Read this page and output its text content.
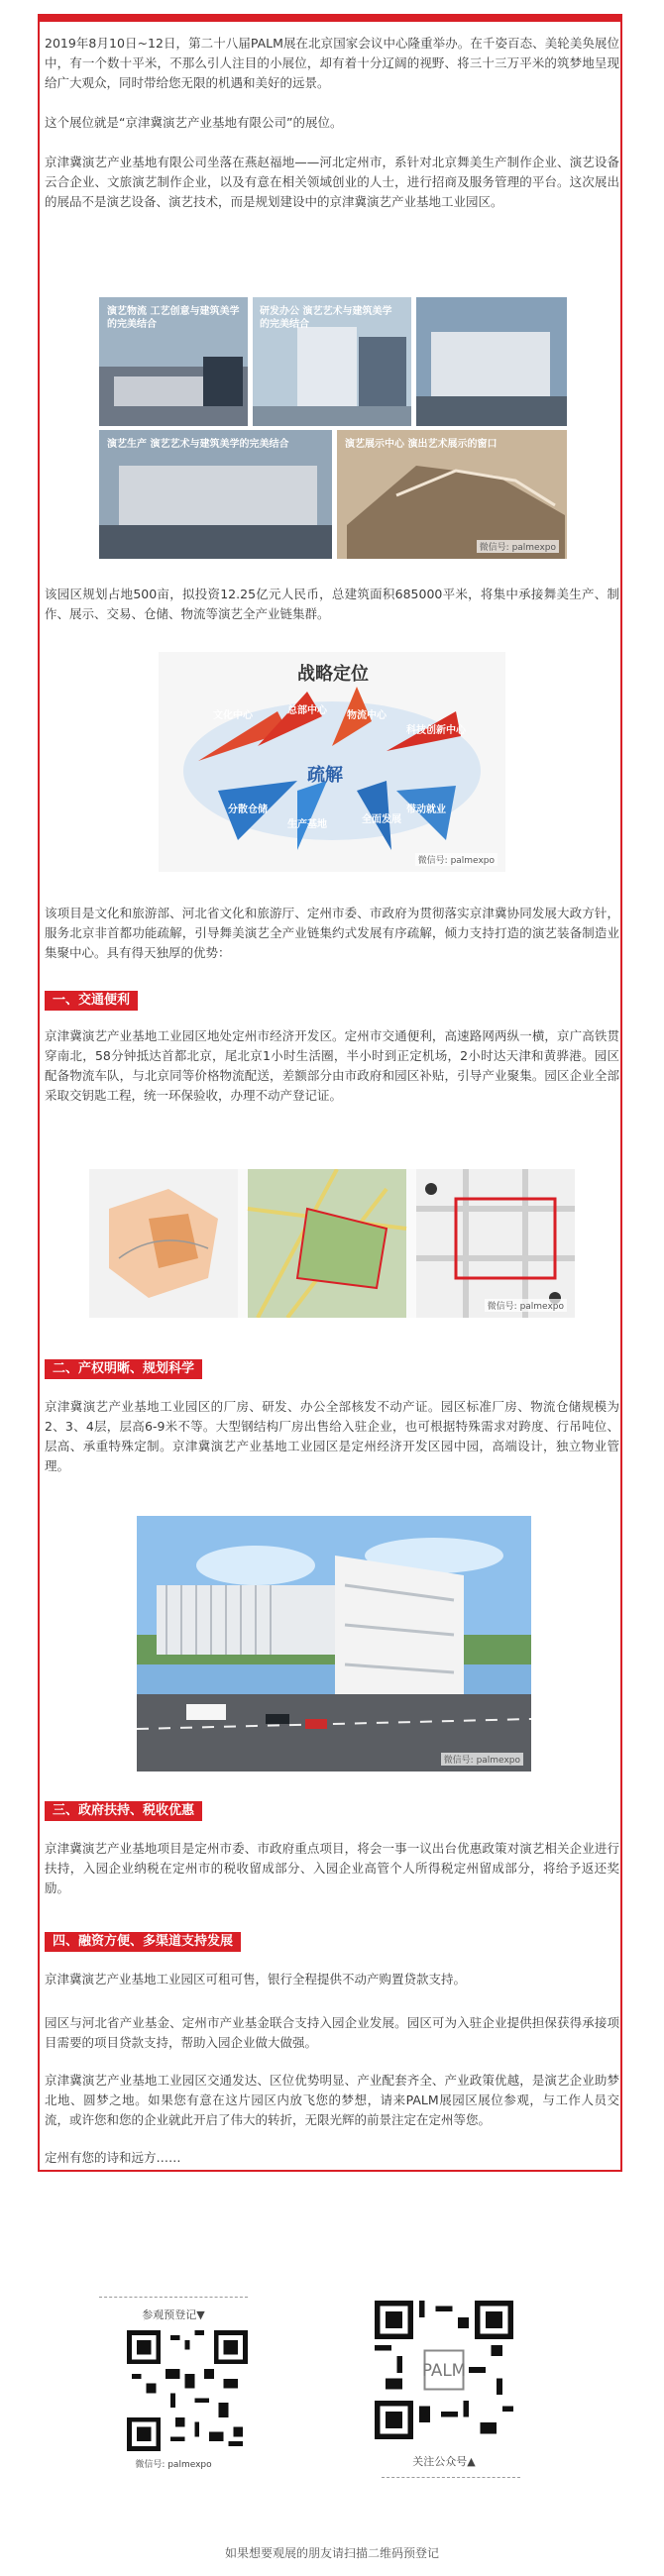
2019年8月10日~12日，第二十八届PALM展在北京国家会议中心隆重举办。在千姿百态、美轮美奂展位中，有一个数十平米，不那么引人注目的小展位，却有着十分辽阔的视野、将三十三万平米的筑梦地呈现给广大观众，同时带给您无限的机遇和美好的远景。

这个展位就是“京津冀演艺产业基地有限公司”的展位。

京津冀演艺产业基地有限公司坐落在燕赵福地——河北定州市，系针对北京舞美生产制作企业、演艺设备云合企业、文旅演艺制作企业，以及有意在相关领域创业的人士，进行招商及服务管理的平台。这次展出的展品不是演艺设备、演艺技术，而是规划建设中的京津冀演艺产业基地工业园区。

演艺物流 工艺创意与建筑美学的完美结合
研发办公 演艺艺术与建筑美学的完美结合
演艺生产 演艺艺术与建筑美学的完美结合	演艺展示中心 演出艺术展示的窗口
微信号: palmexpo

该园区规划占地500亩，拟投资12.25亿元人民币，总建筑面积685000平米，将集中承接舞美生产、制作、展示、交易、仓储、物流等演艺全产业链集群。

战略定位
疏解
文化中心	总部中心 物流中心
科技创新中心
分散仓储
生产基地	全面发展
带动就业
微信号: palmexpo

该项目是文化和旅游部、河北省文化和旅游厅、定州市委、市政府为贯彻落实京津冀协同发展大政方针，服务北京非首都功能疏解，引导舞美演艺全产业链集约式发展有序疏解，倾力支持打造的演艺装备制造业集聚中心。具有得天独厚的优势：

一、交通便利

京津冀演艺产业基地工业园区地处定州市经济开发区。定州市交通便利，高速路网两纵一横，京广高铁贯穿南北，58分钟抵达首都北京，尾北京1小时生活圈，半小时到正定机场，2小时达天津和黄骅港。园区配备物流车队，与北京同等价格物流配送，差额部分由市政府和园区补贴，引导产业聚集。园区企业全部采取交钥匙工程，统一环保验收，办理不动产登记证。

微信号: palmexpo
二、产权明晰、规划科学

京津冀演艺产业基地工业园区的厂房、研发、办公全部核发不动产证。园区标准厂房、物流仓储规模为2、3、4层，层高6-9米不等。大型钢结构厂房出售给入驻企业，也可根据特殊需求对跨度、行吊吨位、层高、承重特殊定制。京津冀演艺产业基地工业园区是定州经济开发区园中园，高端设计，独立物业管理。

微信号: palmexpo
三、政府扶持、税收优惠

京津冀演艺产业基地项目是定州市委、市政府重点项目，将会一事一议出台优惠政策对演艺相关企业进行扶持，入园企业纳税在定州市的税收留成部分、入园企业高管个人所得税定州留成部分，将给予返还奖励。

四、融资方便、多渠道支持发展

京津冀演艺产业基地工业园区可租可售，银行全程提供不动产购置贷款支持。

园区与河北省产业基金、定州市产业基金联合支持入园企业发展。园区可为入驻企业提供担保获得承接项目需要的项目贷款支持，帮助入园企业做大做强。

京津冀演艺产业基地工业园区交通发达、区位优势明显、产业配套齐全、产业政策优越，是演艺企业助梦北地、圆梦之地。如果您有意在这片园区内放飞您的梦想，请来PALM展园区展位参观，与工作人员交流，或许您和您的企业就此开启了伟大的转折，无限光辉的前景注定在定州等您。

定州有您的诗和远方……

参观预登记▼
微信号: palmexpo
PALM
关注公众号▲
如果想要观展的朋友请扫描二维码预登记
